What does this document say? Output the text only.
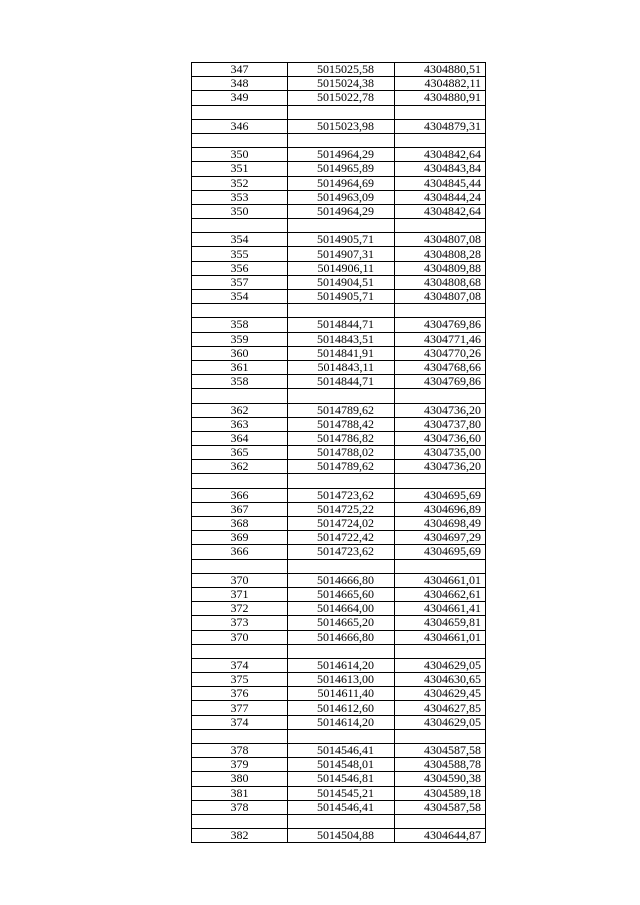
347	5015025,58	4304880,51
348	5015024,38	4304882,11
349	5015022,78	4304880,91

346	5015023,98	4304879,31

350	5014964,29	4304842,64
351	5014965,89	4304843,84
352	5014964,69	4304845,44
353	5014963,09	4304844,24
350	5014964,29	4304842,64

354	5014905,71	4304807,08
355	5014907,31	4304808,28
356	5014906,11	4304809,88
357	5014904,51	4304808,68
354	5014905,71	4304807,08

358	5014844,71	4304769,86
359	5014843,51	4304771,46
360	5014841,91	4304770,26
361	5014843,11	4304768,66
358	5014844,71	4304769,86

362	5014789,62	4304736,20
363	5014788,42	4304737,80
364	5014786,82	4304736,60
365	5014788,02	4304735,00
362	5014789,62	4304736,20

366	5014723,62	4304695,69
367	5014725,22	4304696,89
368	5014724,02	4304698,49
369	5014722,42	4304697,29
366	5014723,62	4304695,69

370	5014666,80	4304661,01
371	5014665,60	4304662,61
372	5014664,00	4304661,41
373	5014665,20	4304659,81
370	5014666,80	4304661,01

374	5014614,20	4304629,05
375	5014613,00	4304630,65
376	5014611,40	4304629,45
377	5014612,60	4304627,85
374	5014614,20	4304629,05

378	5014546,41	4304587,58
379	5014548,01	4304588,78
380	5014546,81	4304590,38
381	5014545,21	4304589,18
378	5014546,41	4304587,58

382	5014504,88	4304644,87
